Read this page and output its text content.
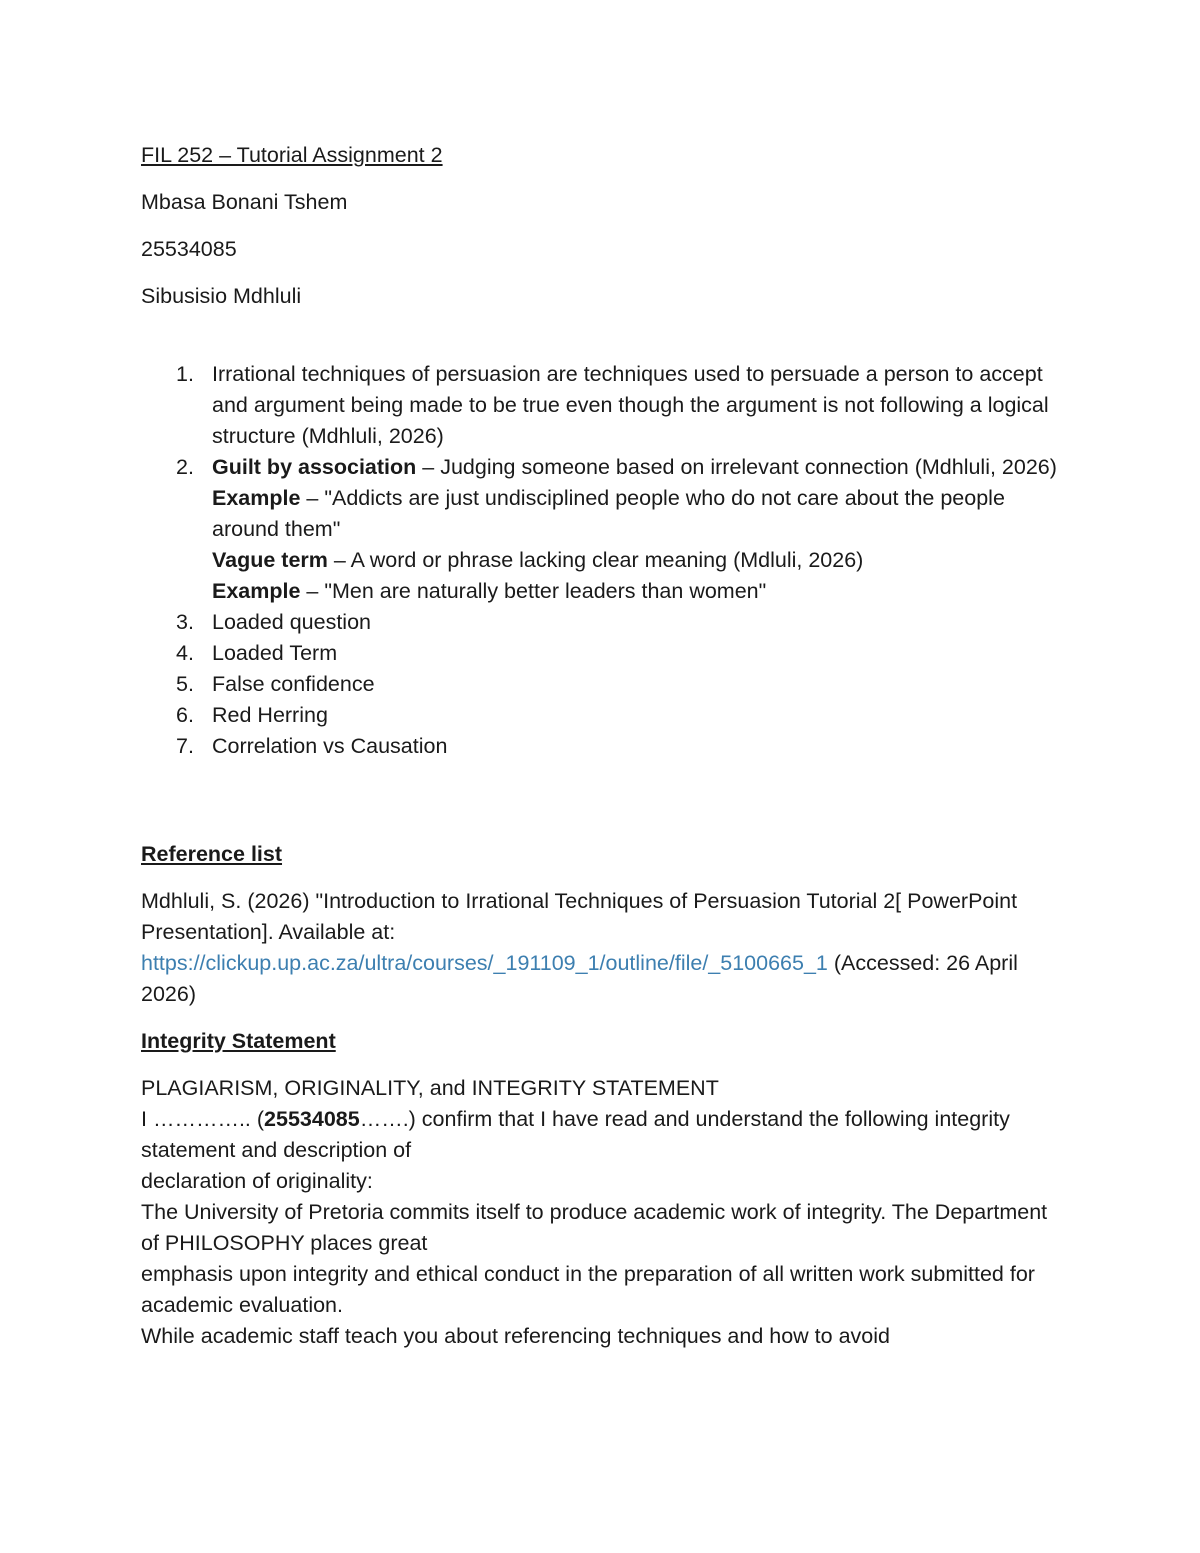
FIL 252 – Tutorial Assignment 2
Mbasa Bonani Tshem
25534085
Sibusisio Mdhluli
1. Irrational techniques of persuasion are techniques used to persuade a person to accept and argument being made to be true even though the argument is not following a logical structure (Mdhluli, 2026)
2. Guilt by association – Judging someone based on irrelevant connection (Mdhluli, 2026)
Example – "Addicts are just undisciplined people who do not care about the people around them"
Vague term – A word or phrase lacking clear meaning (Mdluli, 2026)
Example – "Men are naturally better leaders than women"
3. Loaded question
4. Loaded Term
5. False confidence
6. Red Herring
7. Correlation vs Causation
Reference list
Mdhluli, S. (2026) "Introduction to Irrational Techniques of Persuasion Tutorial 2[ PowerPoint Presentation]. Available at: https://clickup.up.ac.za/ultra/courses/_191109_1/outline/file/_5100665_1 (Accessed: 26 April 2026)
Integrity Statement
PLAGIARISM, ORIGINALITY, and INTEGRITY STATEMENT
I ………….. (25534085…….) confirm that I have read and understand the following integrity statement and description of
declaration of originality:
The University of Pretoria commits itself to produce academic work of integrity. The Department of PHILOSOPHY places great
emphasis upon integrity and ethical conduct in the preparation of all written work submitted for academic evaluation.
While academic staff teach you about referencing techniques and how to avoid
